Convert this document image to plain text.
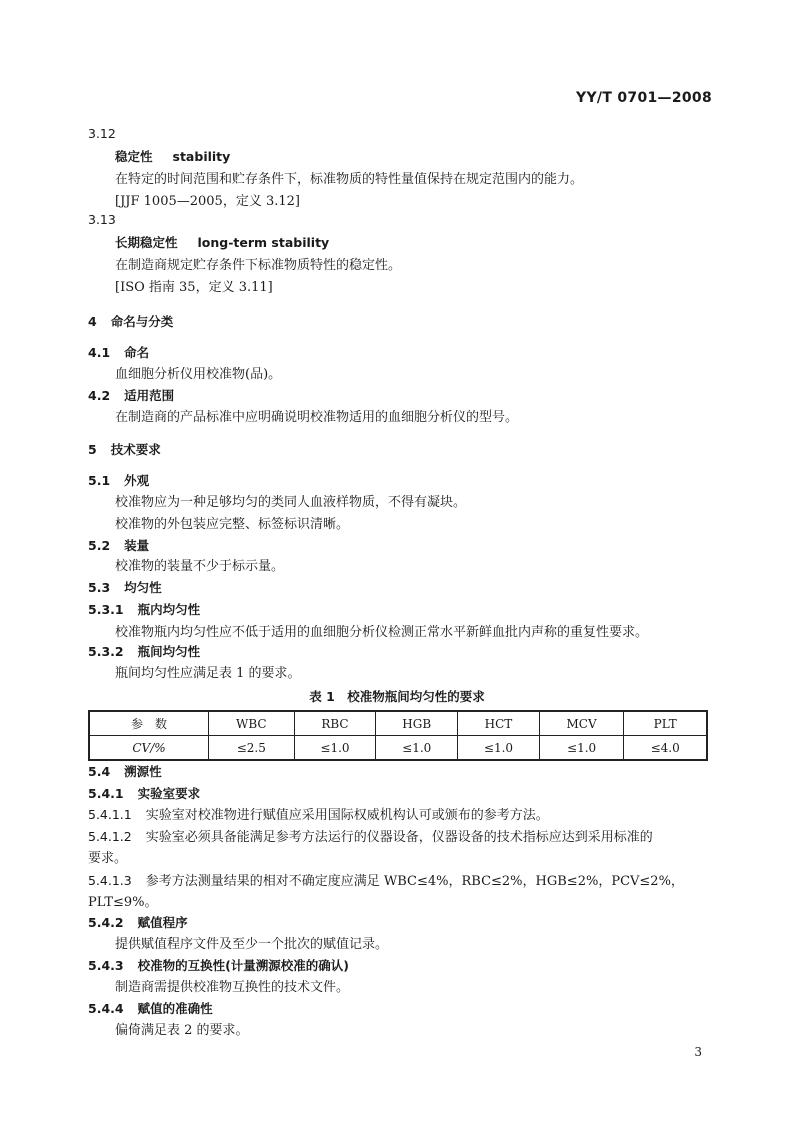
YY/T 0701—2008
3.12
稳定性 stability
在特定的时间范围和贮存条件下，标准物质的特性量值保持在规定范围内的能力。
[JJF 1005—2005，定义 3.12]
3.13
长期稳定性 long-term stability
在制造商规定贮存条件下标准物质特性的稳定性。
[ISO 指南 35，定义 3.11]
4 命名与分类
4.1 命名
血细胞分析仪用校准物(品)。
4.2 适用范围
在制造商的产品标准中应明确说明校准物适用的血细胞分析仪的型号。
5 技术要求
5.1 外观
校准物应为一种足够均匀的类同人血液样物质，不得有凝块。
校准物的外包装应完整、标签标识清晰。
5.2 装量
校准物的装量不少于标示量。
5.3 均匀性
5.3.1 瓶内均匀性
校准物瓶内均匀性应不低于适用的血细胞分析仪检测正常水平新鲜血批内声称的重复性要求。
5.3.2 瓶间均匀性
瓶间均匀性应满足表 1 的要求。
表 1　校准物瓶间均匀性的要求
参　数	WBC	RBC	HGB	HCT	MCV	PLT
CV/%	≤2.5	≤1.0	≤1.0	≤1.0	≤1.0	≤4.0
5.4 溯源性
5.4.1 实验室要求
5.4.1.1 实验室对校准物进行赋值应采用国际权威机构认可或颁布的参考方法。
5.4.1.2 实验室必须具备能满足参考方法运行的仪器设备，仪器设备的技术指标应达到采用标准的
要求。
5.4.1.3 参考方法测量结果的相对不确定度应满足 WBC≤4%，RBC≤2%，HGB≤2%，PCV≤2%，
PLT≤9%。
5.4.2 赋值程序
提供赋值程序文件及至少一个批次的赋值记录。
5.4.3 校准物的互换性(计量溯源校准的确认)
制造商需提供校准物互换性的技术文件。
5.4.4 赋值的准确性
偏倚满足表 2 的要求。
3
